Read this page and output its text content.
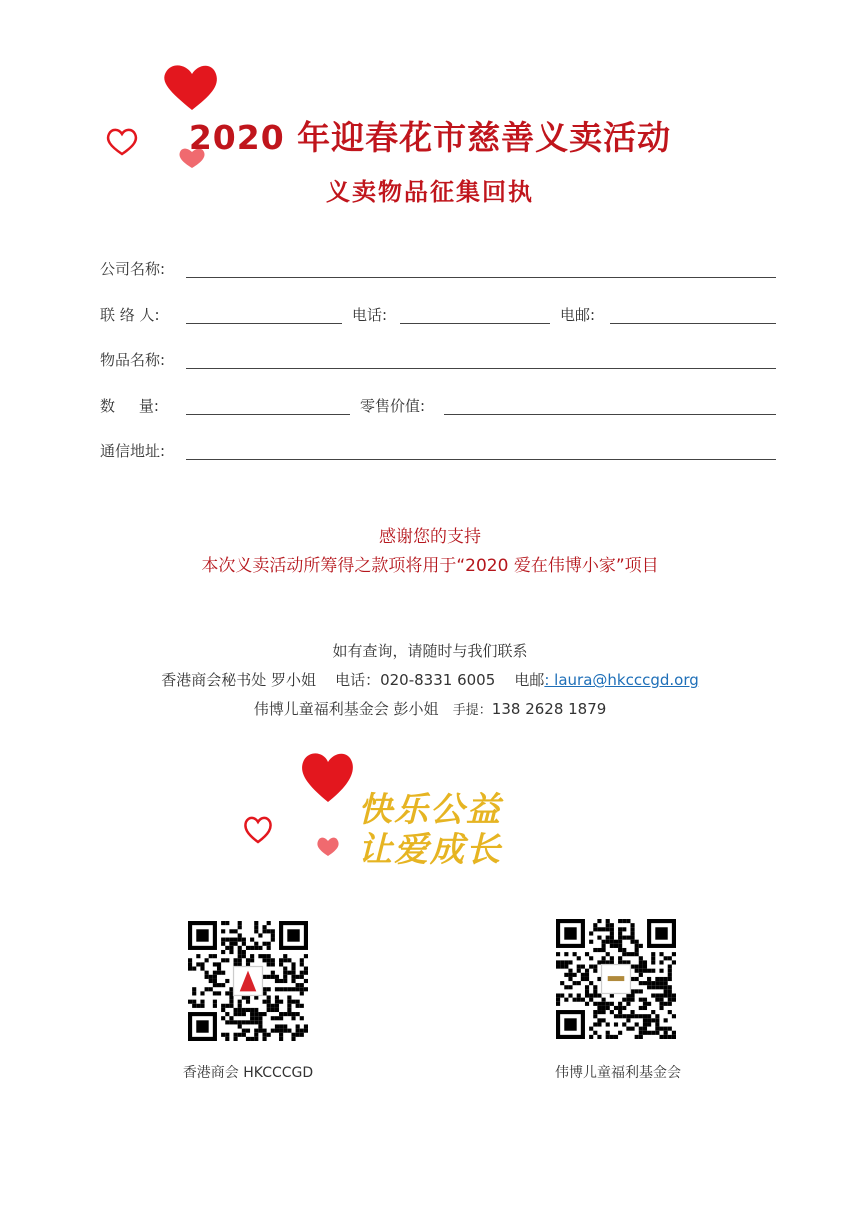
2020 年迎春花市慈善义卖活动
义卖物品征集回执
公司名称:
联 络 人:	电话:	电邮:
物品名称:
数     量:	零售价值:
通信地址:
感谢您的支持
本次义卖活动所筹得之款项将用于“2020 爱在伟博小家”项目
如有查询，请随时与我们联系
香港商会秘书处 罗小姐 电话：020-8331 6005 电邮: laura@hkcccgd.org
伟博儿童福利基金会 彭小姐 手提：138 2628 1879
快乐公益
让爱成长
香港商会 HKCCCGD	伟博儿童福利基金会
